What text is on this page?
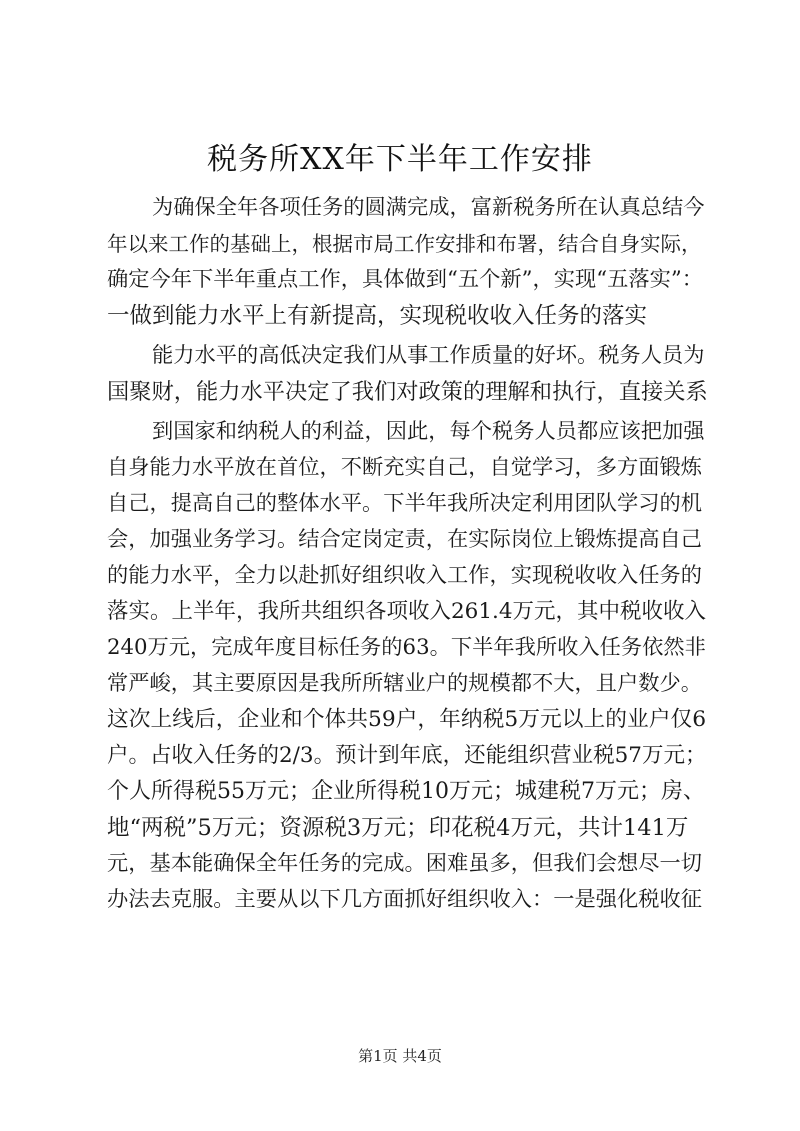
税务所XX年下半年工作安排
为确保全年各项任务的圆满完成，富新税务所在认真总结今
年以来工作的基础上，根据市局工作安排和布署，结合自身实际，
确定今年下半年重点工作，具体做到“五个新”，实现“五落实”：
一做到能力水平上有新提高，实现税收收入任务的落实
能力水平的高低决定我们从事工作质量的好坏。税务人员为
国聚财，能力水平决定了我们对政策的理解和执行，直接关系
到国家和纳税人的利益，因此，每个税务人员都应该把加强
自身能力水平放在首位，不断充实自己，自觉学习，多方面锻炼
自己，提高自己的整体水平。下半年我所决定利用团队学习的机
会，加强业务学习。结合定岗定责，在实际岗位上锻炼提高自己
的能力水平，全力以赴抓好组织收入工作，实现税收收入任务的
落实。上半年，我所共组织各项收入261.4万元，其中税收收入
240万元，完成年度目标任务的63。下半年我所收入任务依然非
常严峻，其主要原因是我所所辖业户的规模都不大，且户数少。
这次上线后，企业和个体共59户，年纳税5万元以上的业户仅6
户。占收入任务的2/3。预计到年底，还能组织营业税57万元；
个人所得税55万元；企业所得税10万元；城建税7万元；房、
地“两税”5万元；资源税3万元；印花税4万元，共计141万
元，基本能确保全年任务的完成。困难虽多，但我们会想尽一切
办法去克服。主要从以下几方面抓好组织收入：一是强化税收征
第1页 共4页
